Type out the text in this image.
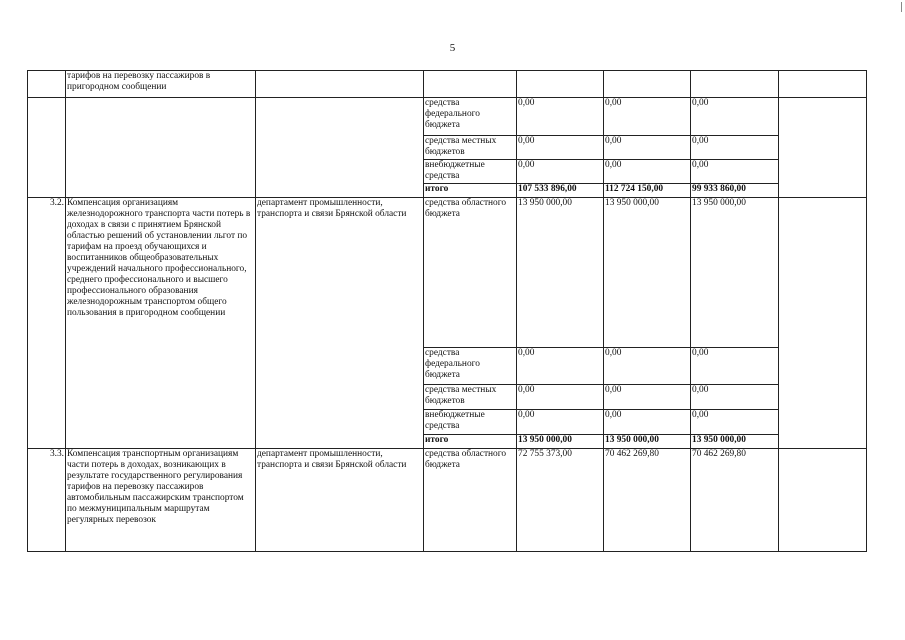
5
	тарифов на перевозку пассажиров в пригородном сообщении						
			средства федерального бюджета	0,00	0,00	0,00	
			средства местных бюджетов	0,00	0,00	0,00	
			внебюджетные средства	0,00	0,00	0,00	
			итого	107 533 896,00	112 724 150,00	99 933 860,00	
3.2.	Компенсация организациям железнодорожного транспорта части потерь в доходах в связи с принятием Брянской областью решений об установлении льгот по тарифам на проезд обучающихся и воспитанников общеобразовательных учреждений начального профессионального, среднего профессионального и высшего профессионального образования железнодорожным транспортом общего пользования в пригородном сообщении	департамент промышленности, транспорта и связи Брянской области	средства областного бюджета	13 950 000,00	13 950 000,00	13 950 000,00	
			средства федерального бюджета	0,00	0,00	0,00	
			средства местных бюджетов	0,00	0,00	0,00	
			внебюджетные средства	0,00	0,00	0,00	
			итого	13 950 000,00	13 950 000,00	13 950 000,00	
3.3.	Компенсация транспортным организациям части потерь в доходах, возникающих в результате государственного регулирования тарифов на перевозку пассажиров автомобильным пассажирским транспортом по межмуниципальным маршрутам регулярных перевозок	департамент промышленности, транспорта и связи Брянской области	средства областного бюджета	72 755 373,00	70 462 269,80	70 462 269,80	
